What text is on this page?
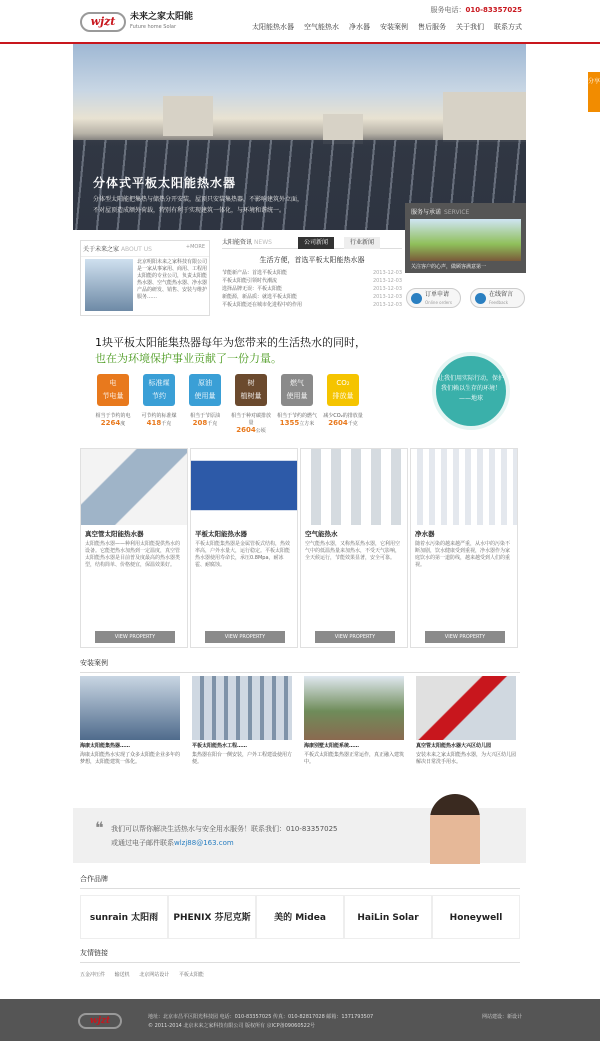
wjzt	未来之家太阳能
Future home Solar
服务电话：010-83357025
太阳能热水器 空气能热水 净水器 安装案例 售后服务 关于我们 联系方式
分享
分体式平板太阳能热水器

分体型太阳能把集热与储热分开安装，屋顶只安装集热器，不影响建筑外立面，

不对屋顶造成额外荷载，特别有利于实现建筑一体化，与环境和谐统一。	服务与承诺 SERVICE
关注客户的心声，做顾客满意第一
订单申请
Online orders
在线留言
Feedback
关于未来之家 ABOUT US	+MORE
北京明阳未来之家科技有限公司是一家从事家用、商用、工程用太阳能的专业公司，负责太阳能热水器、空气能热水器、净水器产品的研发、销售、安装与维护服务……
太阳能资讯 NEWS	公司新闻	行业新闻
生活方便，首选平板太阳能热水器
节能新产品：首选平板太阳能	2013-12-03
平板太阳能引领时代潮流	2013-12-03
选择品牌无误：平板太阳能	2013-12-03
新能源，新品质：就选平板太阳能	2013-12-03
平板太阳能还在城市化进程中的作用	2013-12-03
1块平板太阳能集热器每年为您带来的生活热水的同时，
也在为环境保护事业贡献了一份力量。
电
节电量
相当于节约的电
2264度
标准煤
节约
可节约的标准煤
418千克
原油
使用量
相当于节原油
208千克
树
植树量
相当于种对碳排放量
2604公顷
燃气
使用量
相当于节约的燃气
1355立方米
CO₂
排放量
减少CO₂的排放量
2604千克
让我们用实际行动，保护我们赖以生存的环境！——地球
真空管太阳能热水器
太阳能热水器——种利用太阳能提供热水的设备。它能把热水加热到一定温度，真空管太阳能热水器是目前普及度最高的热水器类型，结构简单、价格便宜，保温效果好。
VIEW PROPERTY
平板太阳能热水器
平板太阳能集热器是金属管板式结构，热效率高，户外水量大，运行稳定。平板太阳能热水器使用寿命长，承压0.8Mpa，耐冰雹、耐腐蚀。
VIEW PROPERTY
空气能热水
空气能热水器，又称热泵热水器，它利用空气中的低温热量来加热水，不受天气影响，全天候运行，节能效果显著，安全可靠。
VIEW PROPERTY
净水器
随着水污染的越来越严重，从水中的污染不断加剧，饮水健康受到重视，净水器作为家庭饮水的第一道防线，越来越受到人们的重视。
VIEW PROPERTY
安装案例
海康太阳能集热器……
海康太阳能热水实现了众多太阳能企业多年的梦想，太阳能建筑一体化。
平板太阳能热水工程……
集热器在阳台一侧安装，户外工程建设使用方便。
海康别墅太阳能系统……
平板式太阳能集热器正常运作，真正融入建筑中。
真空管太阳能热水器大兴区幼儿园
安装未来之家太阳能热水器，为大兴区幼儿园解决日常洗手用水。
❝ 我们可以帮你解决生活热水与安全用水服务！联系我们：010-83357025

或通过电子邮件联系wlzj88@163.com

合作品牌
sunrain 太阳雨	PHENIX 芬尼克斯	美的 Midea	HaiLin Solar	Honeywell
友情链接
五金冲压件 输送机 北京网站设计 平板太阳能
wjzt	地址：北京市昌平区阳光科技园 电话：010-83357025 传真：010-82817028 邮箱：1371793507
© 2011-2014 北京未来之家科技有限公司 版权所有 京ICP备09060522号
网站建设：新设计
